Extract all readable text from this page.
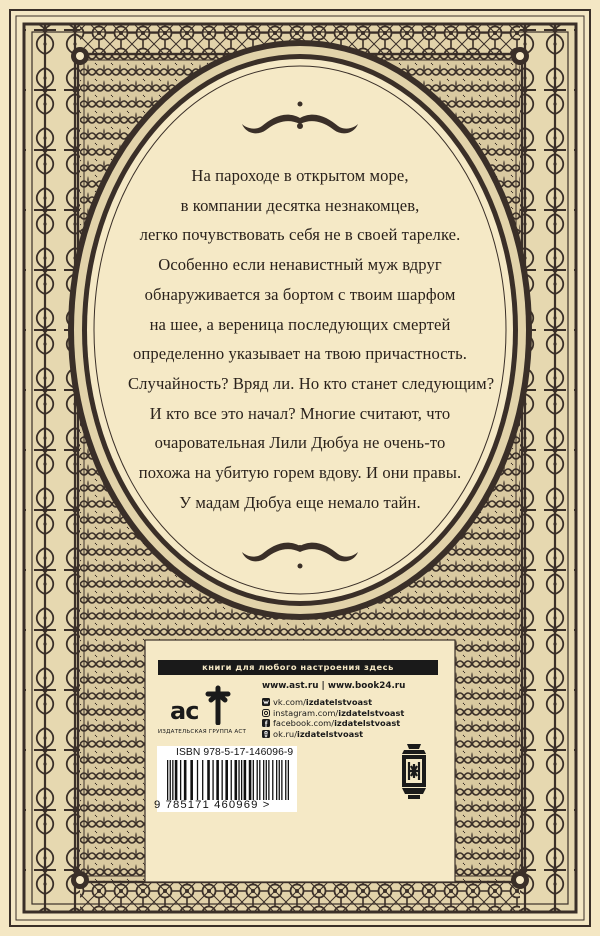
На пароходе в открытом море,
в компании десятка незнакомцев,
легко почувствовать себя не в своей тарелке.
Особенно если ненавистный муж вдруг
обнаруживается за бортом с твоим шарфом
на шее, а вереница последующих смертей
определенно указывает на твою причастность.
Случайность? Вряд ли. Но кто станет следующим?
И кто все это начал? Многие считают, что
очаровательная Лили Дюбуа не очень-то
похожа на убитую горем вдову. И они правы.
У мадам Дюбуа еще немало тайн.
книги для любого настроения здесь
ас
ИЗДАТЕЛЬСКАЯ ГРУППА АСТ
www.ast.ru | www.book24.ru
vk.com/ izdatelstvoast
instagram.com/ izdatelstvoast
facebook.com/ izdatelstvoast
ok.ru/ izdatelstvoast
ISBN 978-5-17-146096-9
9 785171 460969 >
